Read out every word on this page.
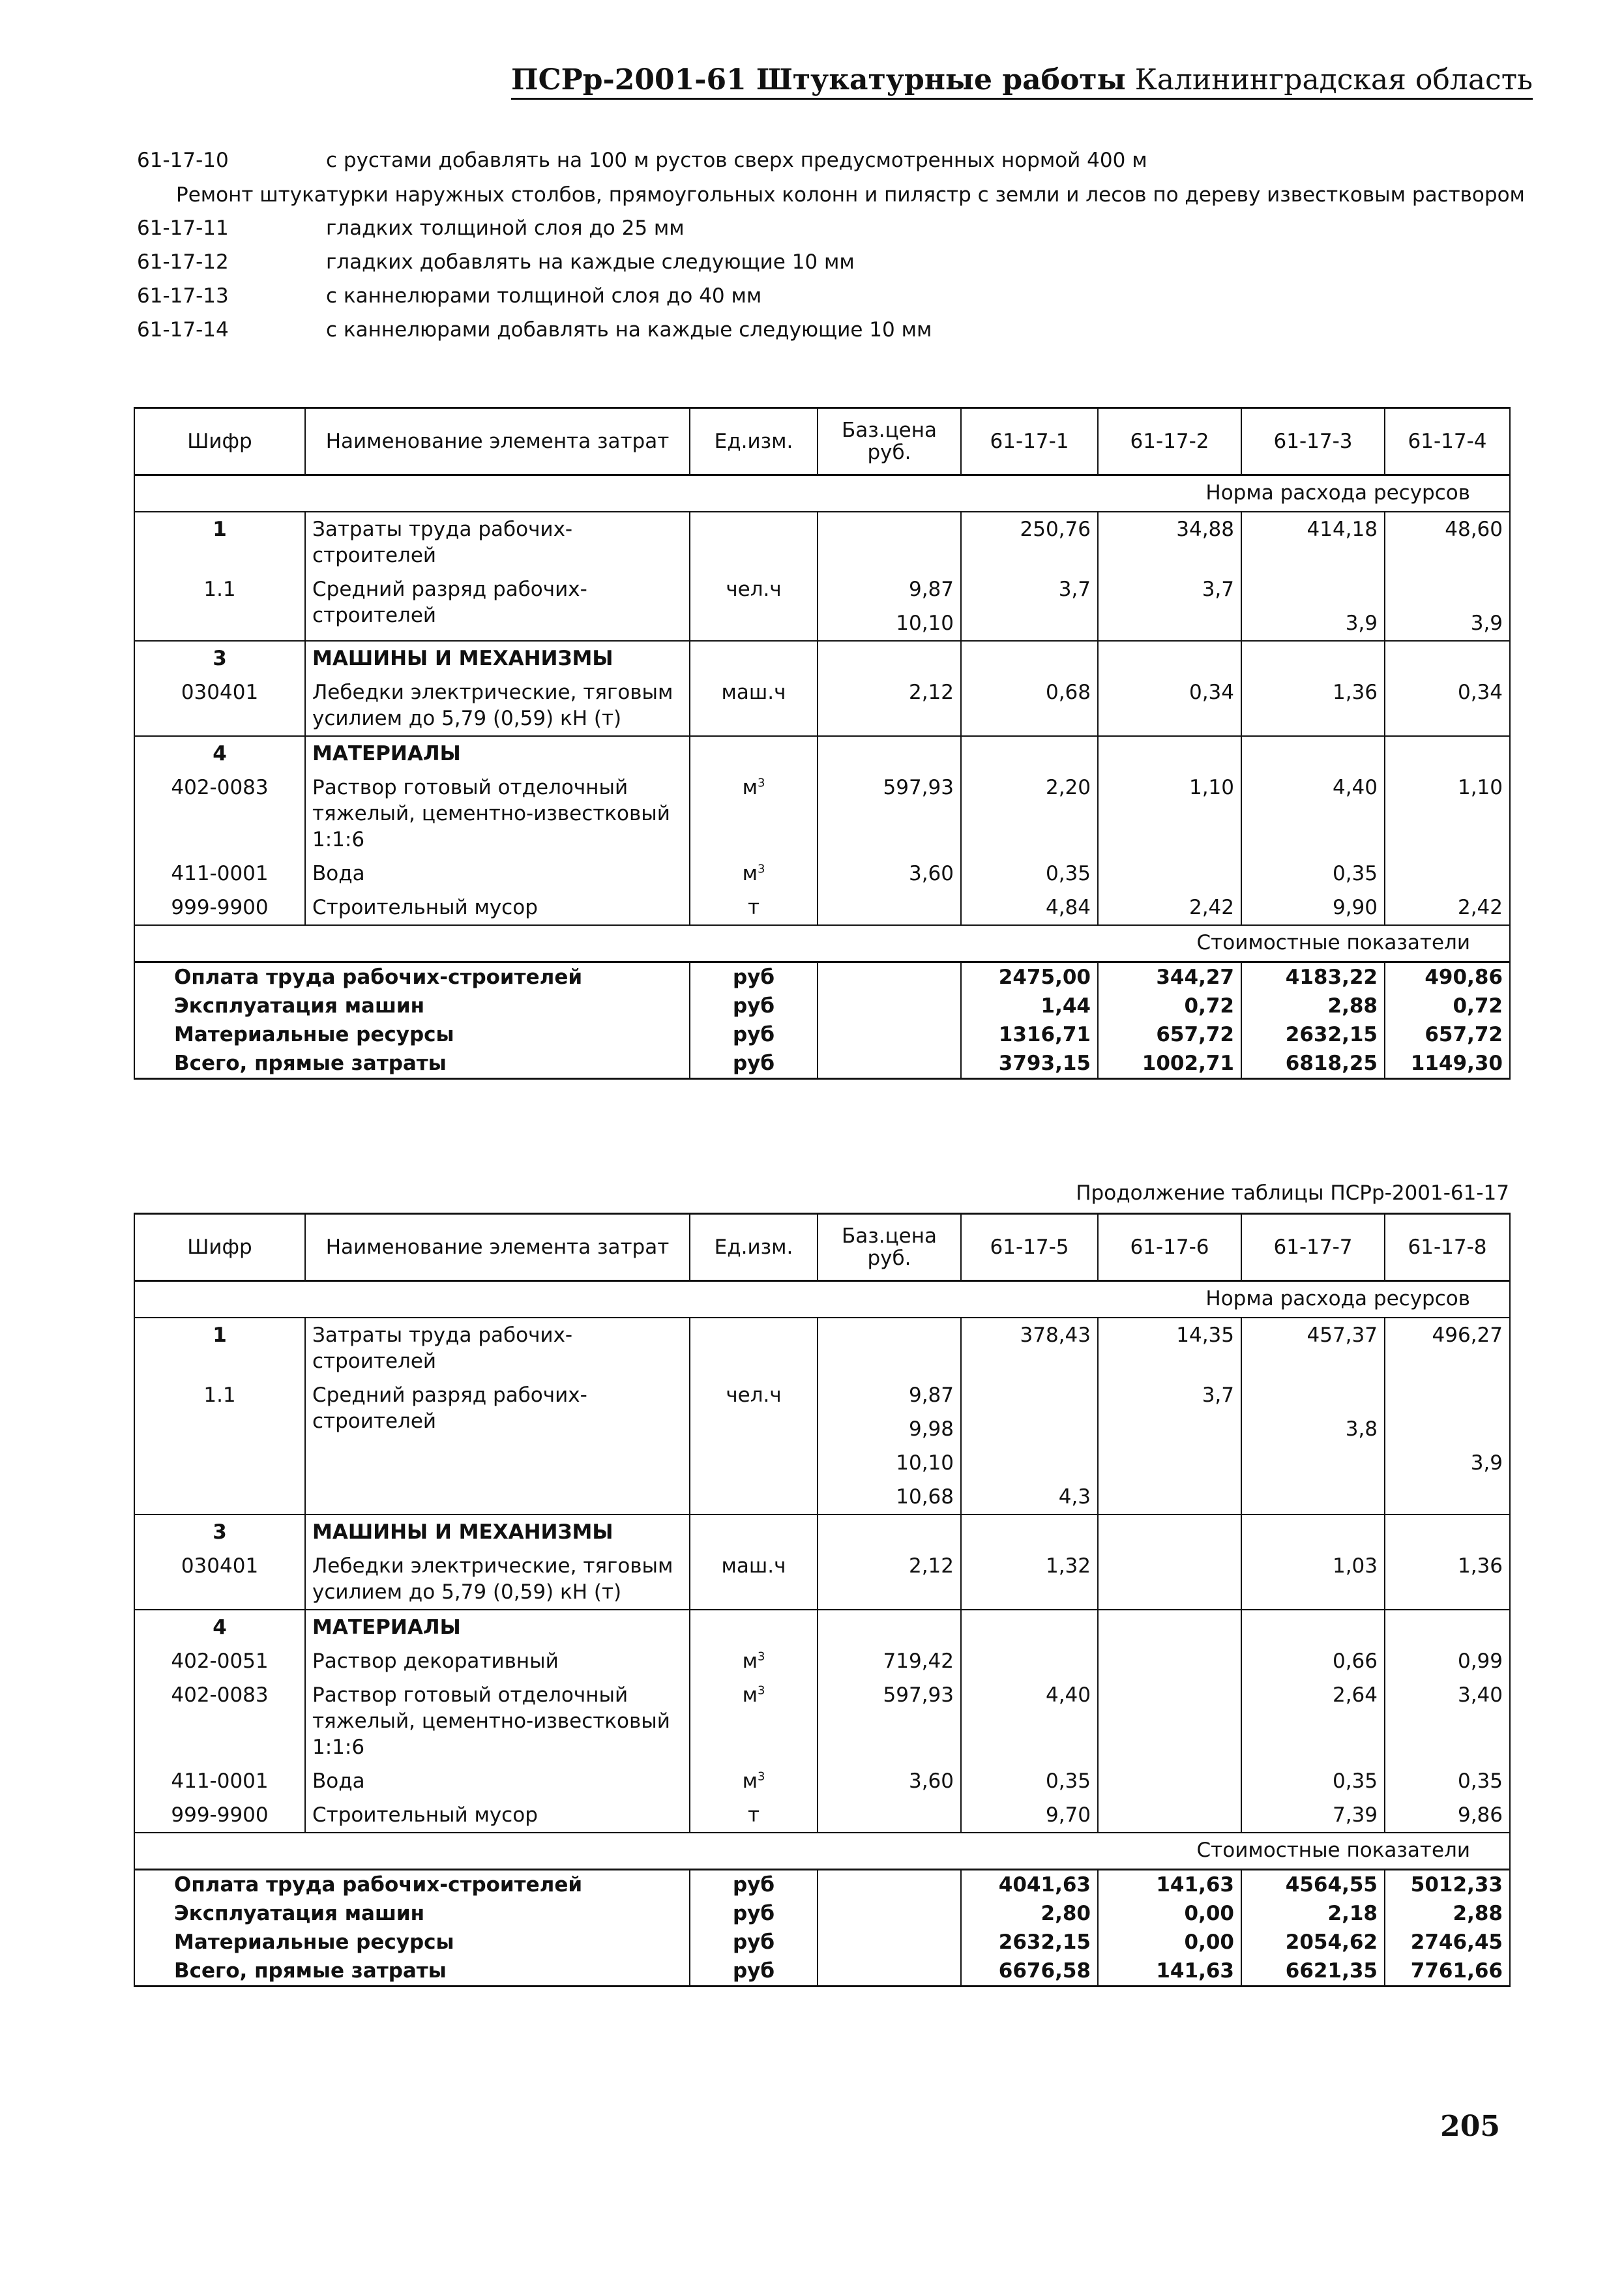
ПСРр-2001-61 Штукатурные работы Калининградская область
61-17-10	с рустами добавлять на 100 м рустов сверх предусмотренных нормой 400 м
Ремонт штукатурки наружных столбов, прямоугольных колонн и пилястр с земли и лесов по дереву известковым раствором
61-17-11	гладких толщиной слоя до 25 мм
61-17-12	гладких добавлять на каждые следующие 10 мм
61-17-13	с каннелюрами толщиной слоя до 40 мм
61-17-14	с каннелюрами добавлять на каждые следующие 10 мм
Шифр	Наименование элемента затрат	Ед.изм.	Баз.цена
руб.	61-17-1	61-17-2	61-17-3	61-17-4
Норма расхода ресурсов							
1	Затраты труда рабочих-строителей			250,76	34,88	414,18	48,60
1.1	Средний разряд рабочих-строителей	чел.ч	9,87	3,7	3,7		
			10,10			3,9	3,9
3	МАШИНЫ И МЕХАНИЗМЫ						
030401	Лебедки электрические, тяговым усилием до 5,79 (0,59) кН (т)	маш.ч	2,12	0,68	0,34	1,36	0,34
4	МАТЕРИАЛЫ						
402-0083	Раствор готовый отделочный тяжелый, цементно-известковый 1:1:6	$м^3$	597,93	2,20	1,10	4,40	1,10
411-0001	Вода	$м^3$	3,60	0,35		0,35	
999-9900	Строительный мусор	т		4,84	2,42	9,90	2,42
Стоимостные показатели							
Оплата труда рабочих-строителей		руб		2475,00	344,27	4183,22	490,86
Эксплуатация машин		руб		1,44	0,72	2,88	0,72
Материальные ресурсы		руб		1316,71	657,72	2632,15	657,72
Всего, прямые затраты		руб		3793,15	1002,71	6818,25	1149,30
Продолжение таблицы ПСРр-2001-61-17
Шифр	Наименование элемента затрат	Ед.изм.	Баз.цена
руб.	61-17-5	61-17-6	61-17-7	61-17-8
Норма расхода ресурсов							
1	Затраты труда рабочих-строителей			378,43	14,35	457,37	496,27
1.1	Средний разряд рабочих-строителей	чел.ч	9,87		3,7		
			9,98			3,8	
			10,10				3,9
			10,68	4,3			
3	МАШИНЫ И МЕХАНИЗМЫ						
030401	Лебедки электрические, тяговым усилием до 5,79 (0,59) кН (т)	маш.ч	2,12	1,32		1,03	1,36
4	МАТЕРИАЛЫ						
402-0051	Раствор декоративный	$м^3$	719,42			0,66	0,99
402-0083	Раствор готовый отделочный тяжелый, цементно-известковый 1:1:6	$м^3$	597,93	4,40		2,64	3,40
411-0001	Вода	$м^3$	3,60	0,35		0,35	0,35
999-9900	Строительный мусор	т		9,70		7,39	9,86
Стоимостные показатели							
Оплата труда рабочих-строителей		руб		4041,63	141,63	4564,55	5012,33
Эксплуатация машин		руб		2,80	0,00	2,18	2,88
Материальные ресурсы		руб		2632,15	0,00	2054,62	2746,45
Всего, прямые затраты		руб		6676,58	141,63	6621,35	7761,66
205
